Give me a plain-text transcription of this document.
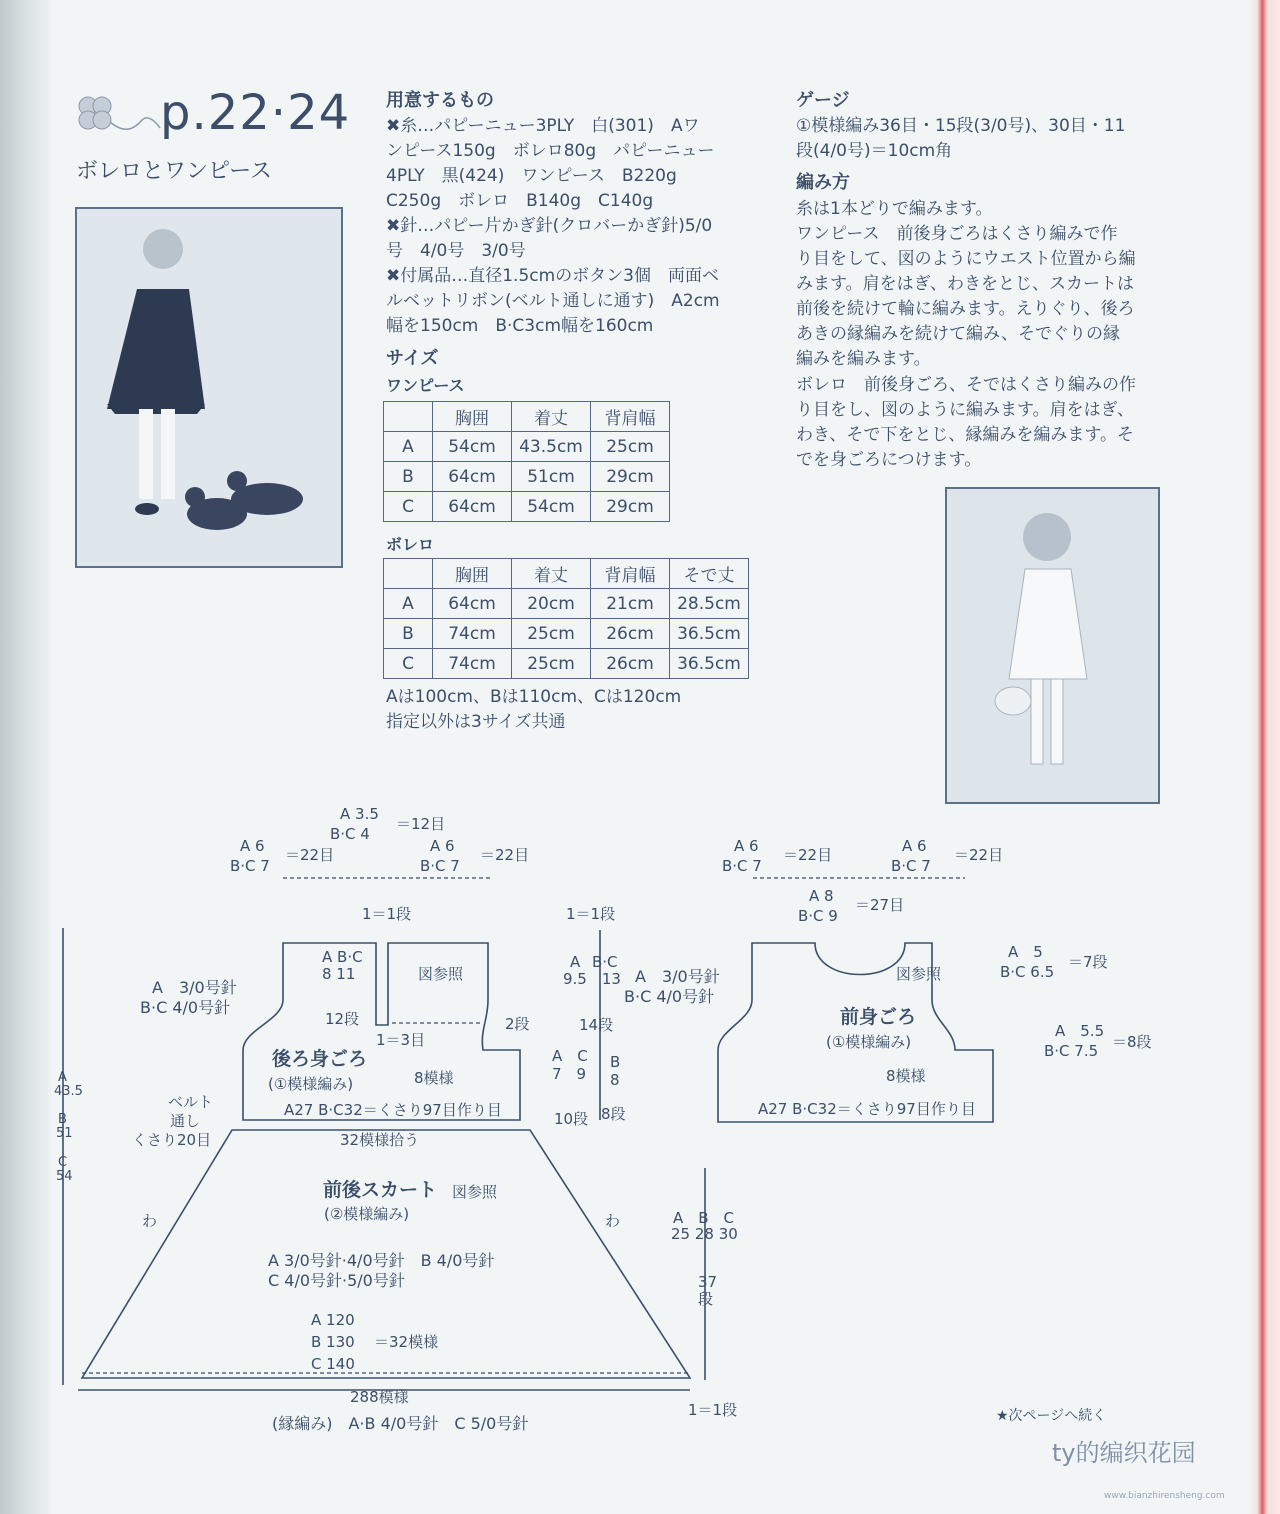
p.22·24
ボレロとワンピース
用意するもの
✖糸…パピーニュー3PLY　白(301)　Aワ
ンピース150g　ボレロ80g　パピーニュー
4PLY　黒(424)　ワンピース　B220g
C250g　ボレロ　B140g　C140g
✖針…パピー片かぎ針(クロバーかぎ針)5/0
号　4/0号　3/0号
✖付属品…直径1.5cmのボタン3個　両面ベ
ルベットリボン(ベルト通しに通す)　A2cm
幅を150cm　B·C3cm幅を160cm
サイズ
ワンピース
	胸囲	着丈	背肩幅
A	54cm	43.5cm	25cm
B	64cm	51cm	29cm
C	64cm	54cm	29cm
ボレロ
	胸囲	着丈	背肩幅	そで丈
A	64cm	20cm	21cm	28.5cm
B	74cm	25cm	26cm	36.5cm
C	74cm	25cm	26cm	36.5cm
Aは100cm、Bは110cm、Cは120cm
指定以外は3サイズ共通
ゲージ
①模様編み36目・15段(3/0号)、30目・11
段(4/0号)＝10cm角
編み方
糸は1本どりで編みます。
ワンピース　前後身ごろはくさり編みで作
り目をして、図のようにウエスト位置から編
みます。肩をはぎ、わきをとじ、スカートは
前後を続けて輪に編みます。えりぐり、後ろ
あきの縁編みを続けて編み、そでぐりの縁
編みを編みます。
ボレロ　前後身ごろ、そではくさり編みの作
り目をし、図のように編みます。肩をはぎ、
わき、そで下をとじ、縁編みを編みます。そ
でを身ごろにつけます。
A 3.5
B·C 4
＝12目
A 6
B·C 7
＝22目	A 6
B·C 7
＝22目
1＝1段
A B·C
8 11
12段
図参照
A　3/0号針
B·C 4/0号針
1＝3目
2段
後ろ身ごろ
(①模様編み)	8模様
A27 B·C32＝くさり97目作り目
ベルト
通し
くさり20目	32模様拾う
1＝1段
A B·C
9.5　13
14段
A　3/0号針
B·C 4/0号針
A　C
7　9
10段
B
8
8段
A 6
B·C 7
＝22目	A 6
B·C 7
＝22目
A 8
B·C 9
＝27目
図参照
A　5
B·C 6.5
＝7段
A　5.5
B·C 7.5 ＝8段
前身ごろ
(①模様編み)
8模様
A27 B·C32＝くさり97目作り目
A
43.5
B
51
C
54
前後スカート 図参照
(②模様編み)
わ	わ
A 3/0号針·4/0号針　B 4/0号針
C 4/0号針·5/0号針
A 120
B 130
C 140
＝32模様
288模様
(縁編み)　A·B 4/0号針　C 5/0号針
A　B　C
25 28 30
37
段
1＝1段	★次ページへ続く
ty的编织花园
www.bianzhirensheng.com
